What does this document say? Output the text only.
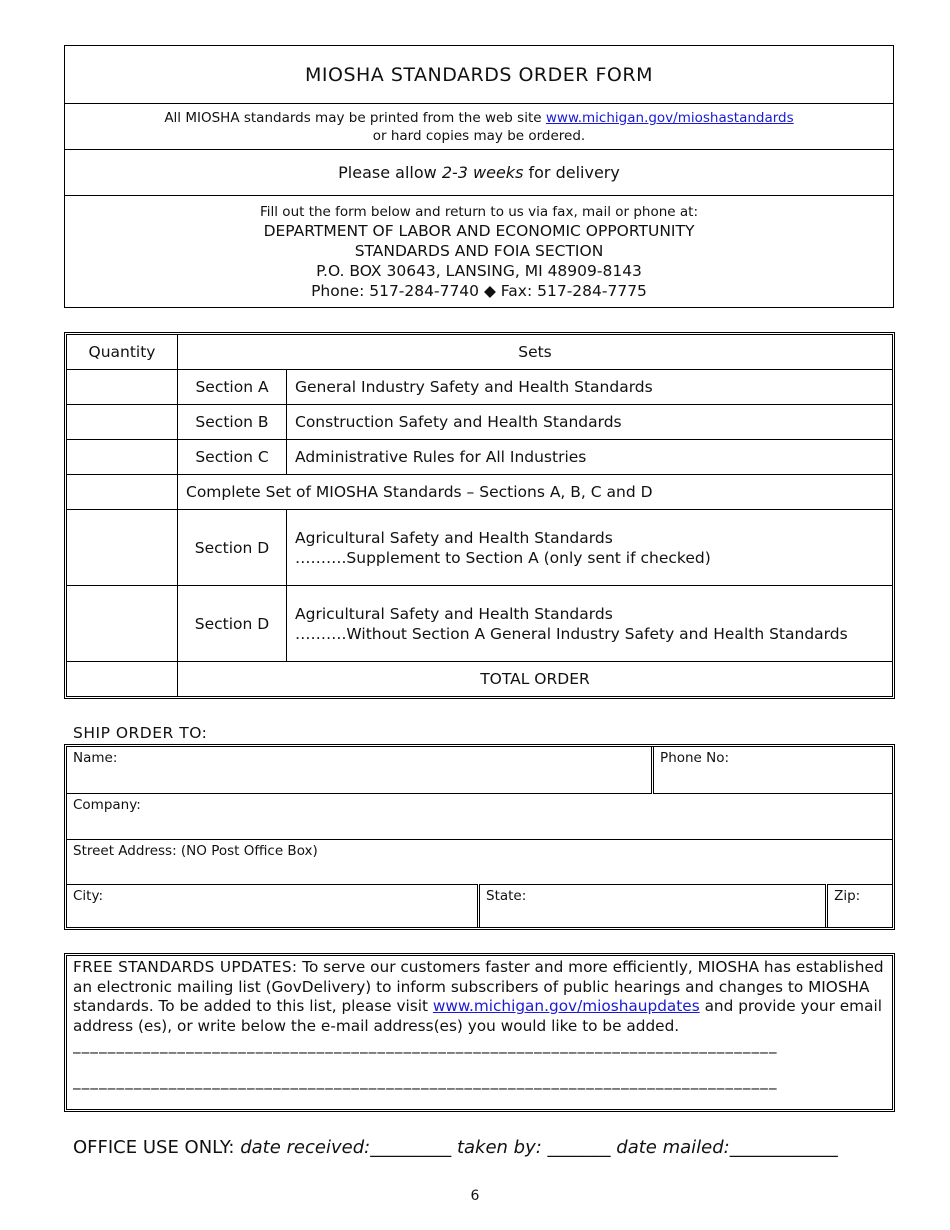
MIOSHA STANDARDS ORDER FORM
All MIOSHA standards may be printed from the web site www.michigan.gov/mioshastandards
or hard copies may be ordered.
Please allow 2-3 weeks for delivery
Fill out the form below and return to us via fax, mail or phone at:
DEPARTMENT OF LABOR AND ECONOMIC OPPORTUNITY
STANDARDS AND FOIA SECTION
P.O. BOX 30643, LANSING, MI 48909-8143
Phone: 517-284-7740 ◆ Fax: 517-284-7775
Quantity	Sets	
	Section A	General Industry Safety and Health Standards
	Section B	Construction Safety and Health Standards
	Section C	Administrative Rules for All Industries
	Complete Set of MIOSHA Standards – Sections A, B, C and D	
	Section D	Agricultural Safety and Health Standards
……….Supplement to Section A (only sent if checked)

	Section D	Agricultural Safety and Health Standards
……….Without Section A General Industry Safety and Health Standards

	TOTAL ORDER	
SHIP ORDER TO:
Name:		Phone No:	
Company:			
Street Address: (NO Post Office Box)			
City:	State:		Zip:
FREE STANDARDS UPDATES: To serve our customers faster and more efficiently, MIOSHA has established an electronic mailing list (GovDelivery) to inform subscribers of public hearings and changes to MIOSHA standards. To be added to this list, please visit www.michigan.gov/mioshaupdates and provide your email address (es), or write below the e-mail address(es) you would like to be added.
_________________________________________________________________________________
_________________________________________________________________________________
OFFICE USE ONLY: date received:_________ taken by: _______ date mailed:____________
6
